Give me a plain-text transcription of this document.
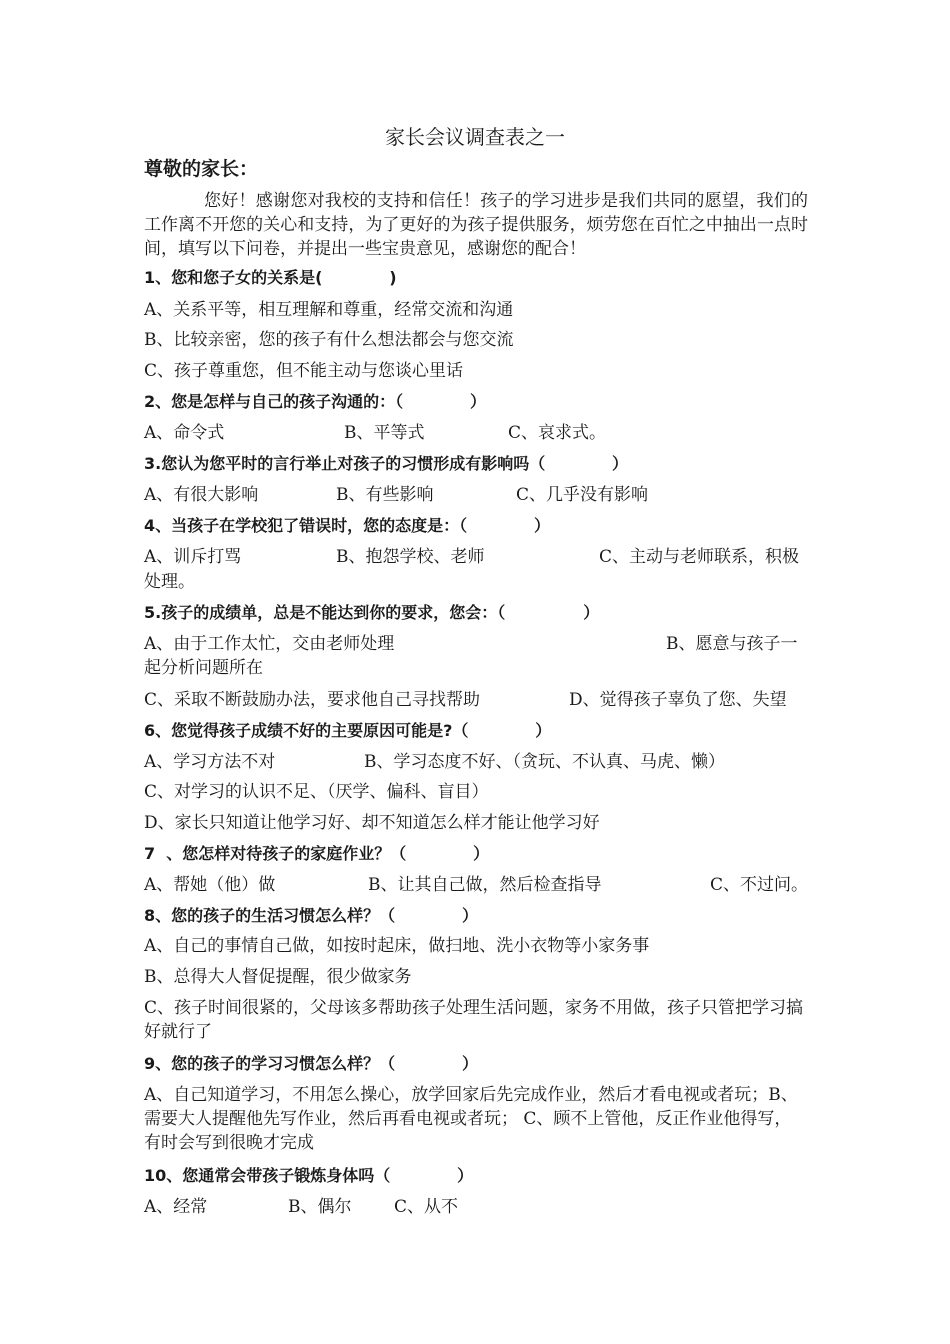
家长会议调查表之一
尊敬的家长：
您好！感谢您对我校的支持和信任！孩子的学习进步是我们共同的愿望，我们的工作离不开您的关心和支持，为了更好的为孩子提供服务，烦劳您在百忙之中抽出一点时间，填写以下问卷，并提出一些宝贵意见，感谢您的配合！
1、您和您子女的关系是(            )
A、关系平等，相互理解和尊重，经常交流和沟通
B、比较亲密，您的孩子有什么想法都会与您交流
C、孩子尊重您，但不能主动与您谈心里话
2、您是怎样与自己的孩子沟通的：（            ）
A、命令式	B、平等式	C、哀求式。
3.您认为您平时的言行举止对孩子的习惯形成有影响吗（            ）
A、有很大影响	B、有些影响	C、几乎没有影响
4、当孩子在学校犯了错误时，您的态度是：（            ）
A、训斥打骂	B、抱怨学校、老师	C、主动与老师联系，积极
处理。
5.孩子的成绩单，总是不能达到你的要求，您会：（              ）
A、由于工作太忙，交由老师处理	B、愿意与孩子一
起分析问题所在
C、采取不断鼓励办法，要求他自己寻找帮助	D、觉得孩子辜负了您、失望
6、您觉得孩子成绩不好的主要原因可能是?（            ）
A、学习方法不对	B、学习态度不好、（贪玩、不认真、马虎、懒）
C、对学习的认识不足、（厌学、偏科、盲目）
D、家长只知道让他学习好、却不知道怎么样才能让他学习好
7  、您怎样对待孩子的家庭作业？（            ）
A、帮她（他）做	B、让其自己做，然后检查指导	C、不过问。
8、您的孩子的生活习惯怎么样？（            ）
A、自己的事情自己做，如按时起床，做扫地、洗小衣物等小家务事
B、总得大人督促提醒，很少做家务
C、孩子时间很紧的，父母该多帮助孩子处理生活问题，家务不用做，孩子只管把学习搞好就行了
9、您的孩子的学习习惯怎么样？（            ）
A、自己知道学习，不用怎么操心，放学回家后先完成作业，然后才看电视或者玩；B、需要大人提醒他先写作业，然后再看电视或者玩； C、顾不上管他，反正作业他得写，有时会写到很晚才完成
10、您通常会带孩子锻炼身体吗（            ）
A、经常	B、偶尔	C、从不
